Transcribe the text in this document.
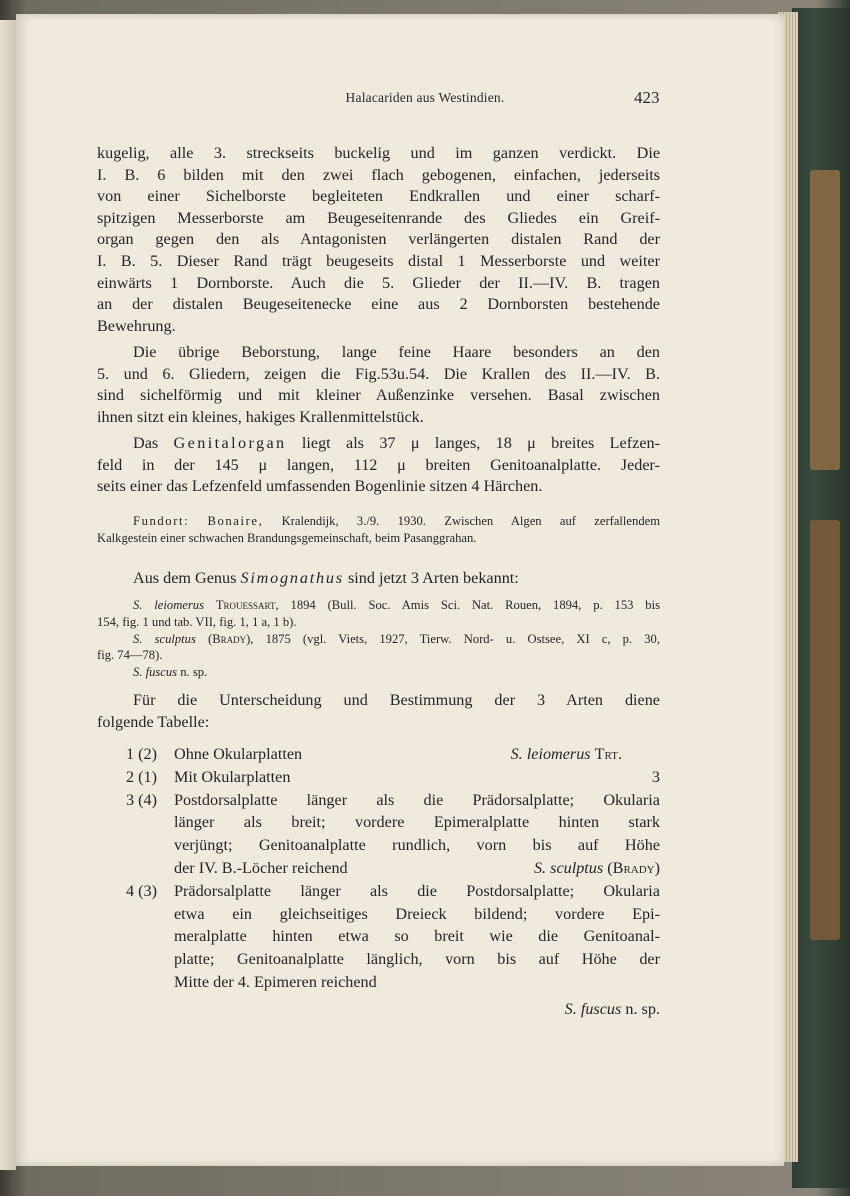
Halacariden aus Westindien.	423
kugelig, alle 3. streckseits buckelig und im ganzen verdickt. Die
I. B. 6 bilden mit den zwei flach gebogenen, einfachen, jederseits
von einer Sichelborste begleiteten Endkrallen und einer scharf-
spitzigen Messerborste am Beugeseitenrande des Gliedes ein Greif-
organ gegen den als Antagonisten verlängerten distalen Rand der
I. B. 5. Dieser Rand trägt beugeseits distal 1 Messerborste und weiter
einwärts 1 Dornborste. Auch die 5. Glieder der II.—IV. B. tragen
an der distalen Beugeseitenecke eine aus 2 Dornborsten bestehende
Bewehrung.
Die übrige Beborstung, lange feine Haare besonders an den
5. und 6. Gliedern, zeigen die Fig.53u.54. Die Krallen des II.—IV. B.
sind sichelförmig und mit kleiner Außenzinke versehen. Basal zwischen
ihnen sitzt ein kleines, hakiges Krallenmittelstück.
Das Genitalorgan liegt als 37 μ langes, 18 μ breites Lefzen-
feld in der 145 μ langen, 112 μ breiten Genitoanalplatte. Jeder-
seits einer das Lefzenfeld umfassenden Bogenlinie sitzen 4 Härchen.
Fundort: Bonaire, Kralendijk, 3./9. 1930. Zwischen Algen auf zerfallendem
Kalkgestein einer schwachen Brandungsgemeinschaft, beim Pasanggrahan.
Aus dem Genus Simognathus sind jetzt 3 Arten bekannt:
S. leiomerus Trouessart, 1894 (Bull. Soc. Amis Sci. Nat. Rouen, 1894, p. 153 bis
154, fig. 1 und tab. VII, fig. 1, 1 a, 1 b).
S. sculptus (Brady), 1875 (vgl. Viets, 1927, Tierw. Nord- u. Ostsee, XI c, p. 30,
fig. 74—78).
S. fuscus n. sp.
Für die Unterscheidung und Bestimmung der 3 Arten diene
folgende Tabelle:
1 (2)	Ohne Okularplatten	S. leiomerus Trt.
2 (1)	Mit Okularplatten	3
3 (4)	Postdorsalplatte länger als die Prädorsalplatte; Okularia
länger als breit; vordere Epimeralplatte hinten stark
verjüngt; Genitoanalplatte rundlich, vorn bis auf Höhe
der IV. B.-Löcher reichend	S. sculptus (Brady)
4 (3)	Prädorsalplatte länger als die Postdorsalplatte; Okularia
etwa ein gleichseitiges Dreieck bildend; vordere Epi-
meralplatte hinten etwa so breit wie die Genitoanal-
platte; Genitoanalplatte länglich, vorn bis auf Höhe der
Mitte der 4. Epimeren reichend
S. fuscus n. sp.
